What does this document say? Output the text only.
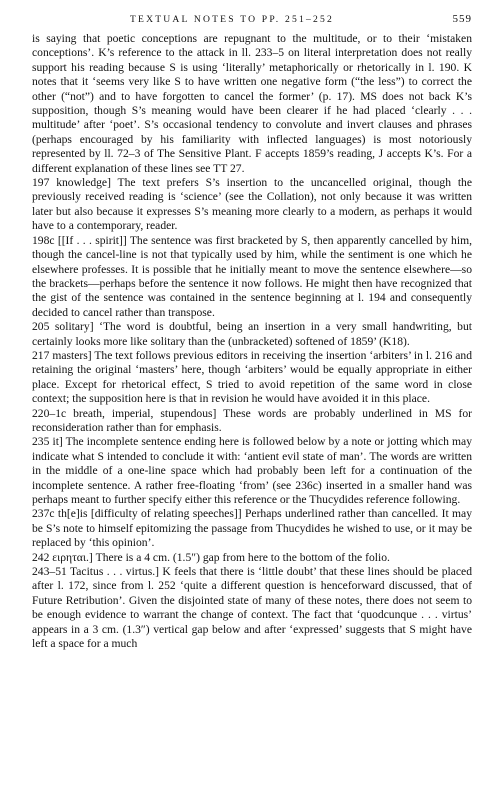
TEXTUAL NOTES TO PP. 251–252	559

is saying that poetic conceptions are repugnant to the multitude, or to their ‘mistaken conceptions’. K’s reference to the attack in ll. 233–5 on literal interpretation does not really support his reading because S is using ‘literally’ metaphorically or rhetorically in l. 190. K notes that it ‘seems very like S to have written one negative form (“the less”) to correct the other (“not”) and to have forgotten to cancel the former’ (p. 17). MS does not back K’s supposition, though S’s meaning would have been clearer if he had placed ‘clearly . . . multitude’ after ‘poet’. S’s occasional tendency to convolute and invert clauses and phrases (perhaps encouraged by his familiarity with inflected languages) is most notoriously represented by ll. 72–3 of The Sensitive Plant. F accepts 1859’s reading, J accepts K’s. For a different explanation of these lines see TT 27.

197 knowledge] The text prefers S’s insertion to the uncancelled original, though the previously received reading is ‘science’ (see the Collation), not only because it was written later but also because it expresses S’s meaning more clearly to a modern, as perhaps it would have to a contemporary, reader.

198c [[If . . . spirit]] The sentence was first bracketed by S, then apparently cancelled by him, though the cancel-line is not that typically used by him, while the sentiment is one which he elsewhere professes. It is possible that he initially meant to move the sentence elsewhere—so the brackets—perhaps before the sentence it now follows. He might then have recognized that the gist of the sentence was contained in the sentence beginning at l. 194 and consequently decided to cancel rather than transpose.

205 solitary] ‘The word is doubtful, being an insertion in a very small handwriting, but certainly looks more like solitary than the (unbracketed) softened of 1859’ (K18).

217 masters] The text follows previous editors in receiving the insertion ‘arbiters’ in l. 216 and retaining the original ‘masters’ here, though ‘arbiters’ would be equally appropriate in either place. Except for rhetorical effect, S tried to avoid repetition of the same word in close context; the supposition here is that in revision he would have avoided it in this place.

220–1c breath, imperial, stupendous] These words are probably underlined in MS for reconsideration rather than for emphasis.

235 it] The incomplete sentence ending here is followed below by a note or jotting which may indicate what S intended to conclude it with: ‘antient evil state of man’. The words are written in the middle of a one-line space which had probably been left for a continuation of the incomplete sentence. A rather free-floating ‘from’ (see 236c) inserted in a smaller hand was perhaps meant to further specify either this reference or the Thucydides reference following.

237c th[e]is [difficulty of relating speeches]] Perhaps underlined rather than cancelled. It may be S’s note to himself epitomizing the passage from Thucydides he wished to use, or it may be replaced by ‘this opinion’.

242 ειρηται.] There is a 4 cm. (1.5″) gap from here to the bottom of the folio.

243–51 Tacitus . . . virtus.] K feels that there is ‘little doubt’ that these lines should be placed after l. 172, since from l. 252 ‘quite a different question is henceforward discussed, that of Future Retribution’. Given the disjointed state of many of these notes, there does not seem to be enough evidence to warrant the change of context. The fact that ‘quodcunque . . . virtus’ appears in a 3 cm. (1.3″) vertical gap below and after ‘expressed’ suggests that S might have left a space for a much
